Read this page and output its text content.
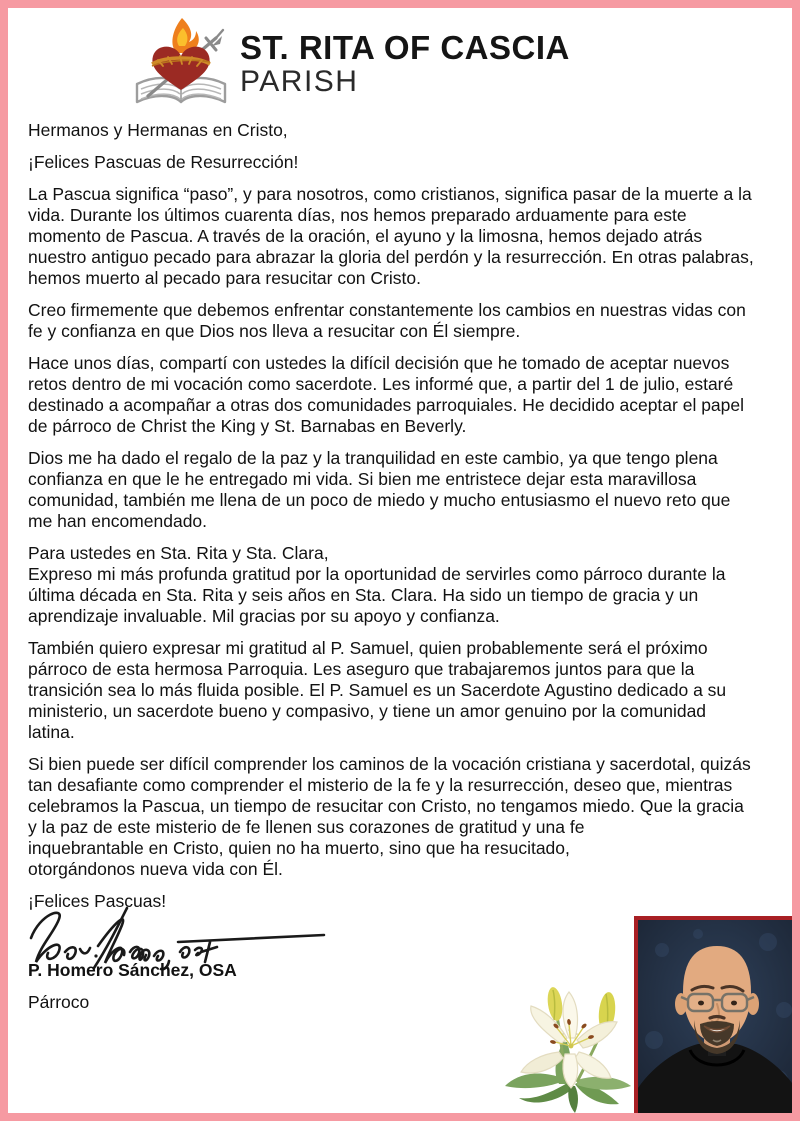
ST. RITA OF CASCIA
PARISH

Hermanos y Hermanas en Cristo,

¡Felices Pascuas de Resurrección!

La Pascua significa “paso”, y para nosotros, como cristianos, significa pasar de la muerte a la vida. Durante los últimos cuarenta días, nos hemos preparado arduamente para este momento de Pascua. A través de la oración, el ayuno y la limosna, hemos dejado atrás nuestro antiguo pecado para abrazar la gloria del perdón y la resurrección. En otras palabras, hemos muerto al pecado para resucitar con Cristo.

Creo firmemente que debemos enfrentar constantemente los cambios en nuestras vidas con fe y confianza en que Dios nos lleva a resucitar con Él siempre.

Hace unos días, compartí con ustedes la difícil decisión que he tomado de aceptar nuevos retos dentro de mi vocación como sacerdote. Les informé que, a partir del 1 de julio, estaré destinado a acompañar a otras dos comunidades parroquiales. He decidido aceptar el papel de párroco de Christ the King y St. Barnabas en Beverly.

Dios me ha dado el regalo de la paz y la tranquilidad en este cambio, ya que tengo plena confianza en que le he entregado mi vida. Si bien me entristece dejar esta maravillosa comunidad, también me llena de un poco de miedo y mucho entusiasmo el nuevo reto que me han encomendado.

Para ustedes en Sta. Rita y Sta. Clara,

Expreso mi más profunda gratitud por la oportunidad de servirles como párroco durante la última década en Sta. Rita y seis años en Sta. Clara. Ha sido un tiempo de gracia y un aprendizaje invaluable. Mil gracias por su apoyo y confianza.

También quiero expresar mi gratitud al P. Samuel, quien probablemente será el próximo párroco de esta hermosa Parroquia. Les aseguro que trabajaremos juntos para que la transición sea lo más fluida posible. El P. Samuel es un Sacerdote Agustino dedicado a su ministerio, un sacerdote bueno y compasivo, y tiene un amor genuino por la comunidad latina.

Si bien puede ser difícil comprender los caminos de la vocación cristiana y sacerdotal, quizás tan desafiante como comprender el misterio de la fe y la resurrección, deseo que, mientras celebramos la Pascua, un tiempo de resucitar con Cristo, no tengamos miedo. Que la gracia y la paz de este misterio de fe llenen sus corazones de gratitud y una fe inquebrantable en Cristo, quien no ha muerto, sino que ha resucitado, otorgándonos nueva vida con Él.

¡Felices Pascuas!

P. Homero Sánchez, OSA

Párroco
